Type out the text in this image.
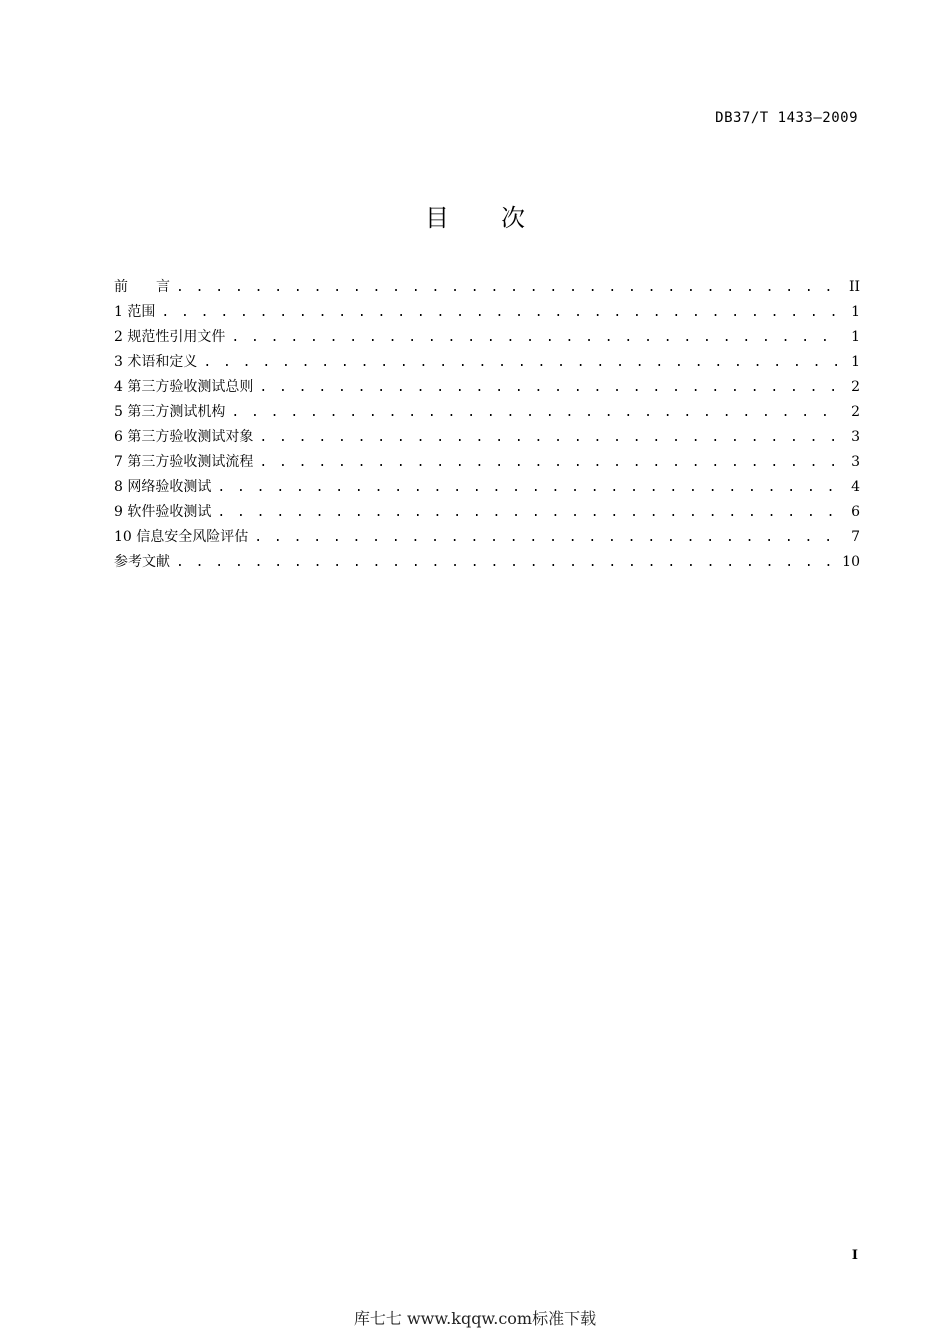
DB37/T 1433—2009
目次
前　　言 . . .	II
1 范围 . . .	1
2 规范性引用文件 . . .	1
3 术语和定义 . . .	1
4 第三方验收测试总则 . . .	2
5 第三方测试机构 . . .	2
6 第三方验收测试对象 . . .	3
7 第三方验收测试流程 . . .	3
8 网络验收测试 . . .	4
9 软件验收测试 . . .	6
10 信息安全风险评估 . . .	7
参考文献 . . .	10
I
库七七 www.kqqw.com标准下载
